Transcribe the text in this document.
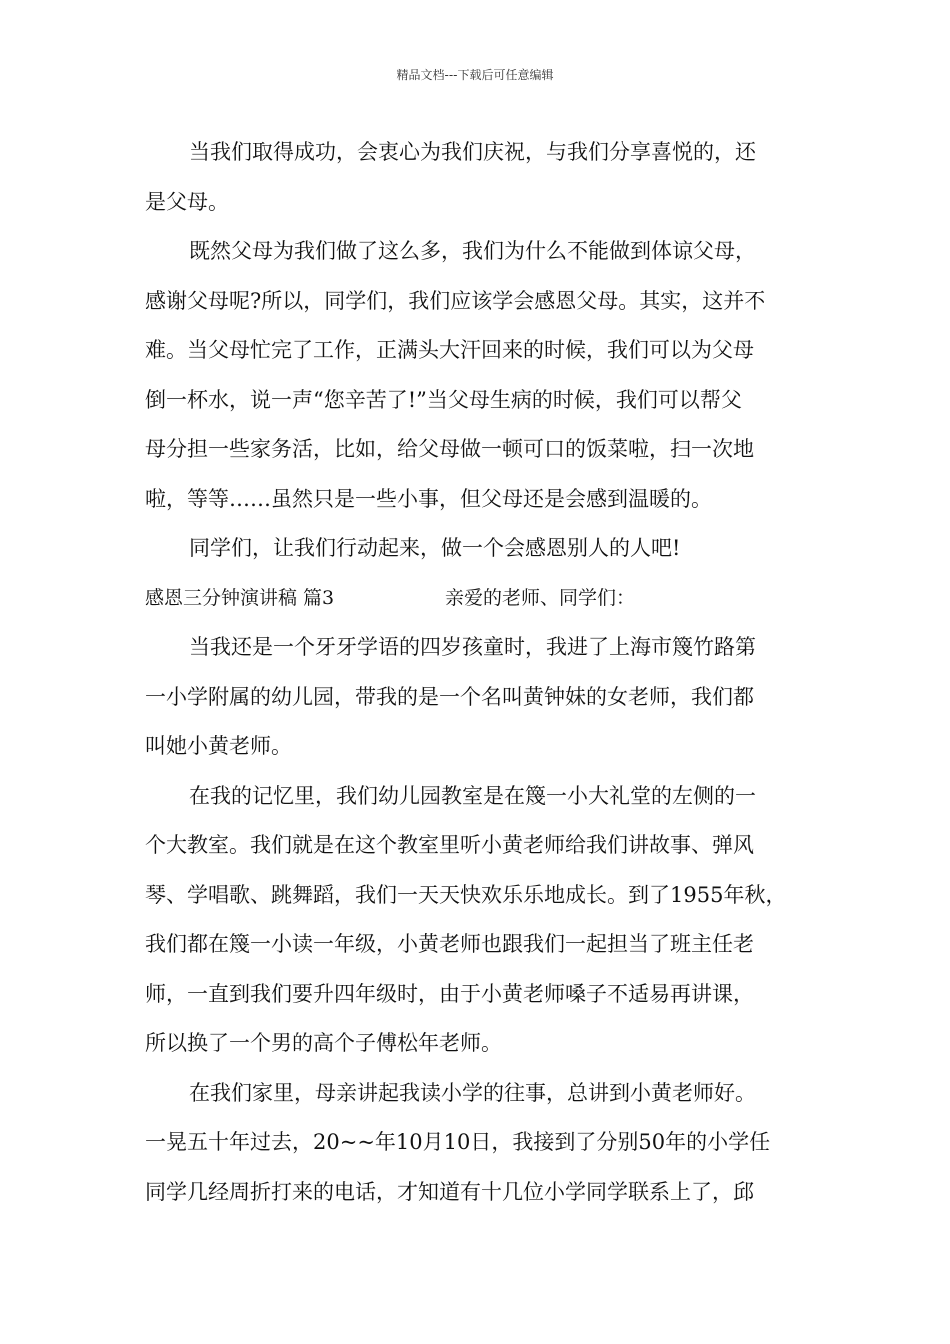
精品文档---下载后可任意编辑
当我们取得成功，会衷心为我们庆祝，与我们分享喜悦的，还
是父母。
既然父母为我们做了这么多，我们为什么不能做到体谅父母，
感谢父母呢?所以，同学们，我们应该学会感恩父母。其实，这并不
难。当父母忙完了工作，正满头大汗回来的时候，我们可以为父母
倒一杯水，说一声“您辛苦了!”当父母生病的时候，我们可以帮父
母分担一些家务活，比如，给父母做一顿可口的饭菜啦，扫一次地
啦，等等……虽然只是一些小事，但父母还是会感到温暖的。
同学们，让我们行动起来，做一个会感恩别人的人吧!
感恩三分钟演讲稿 篇3	亲爱的老师、同学们：
当我还是一个牙牙学语的四岁孩童时，我进了上海市篾竹路第
一小学附属的幼儿园，带我的是一个名叫黄钟妹的女老师，我们都
叫她小黄老师。
在我的记忆里，我们幼儿园教室是在篾一小大礼堂的左侧的一
个大教室。我们就是在这个教室里听小黄老师给我们讲故事、弹风
琴、学唱歌、跳舞蹈，我们一天天快欢乐乐地成长。到了1955年秋，
我们都在篾一小读一年级，小黄老师也跟我们一起担当了班主任老
师，一直到我们要升四年级时，由于小黄老师嗓子不适易再讲课，
所以换了一个男的高个子傅松年老师。
在我们家里，母亲讲起我读小学的往事，总讲到小黄老师好。
一晃五十年过去，20~~年10月10日，我接到了分别50年的小学任
同学几经周折打来的电话，才知道有十几位小学同学联系上了，邱
